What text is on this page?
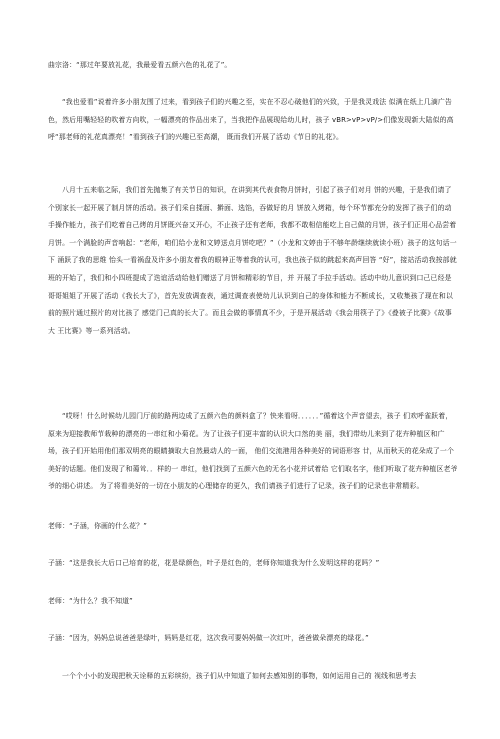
曲宗洛：“那过年要放礼花，我最爱看五颜六色的礼花了”。

“我也爱看”说着许多小朋友围了过来，看到孩子们的兴趣之至，实在不忍心破他们的兴致，于是我灵戏法 似满在纸上几滴广告色，然后用嘴轻轻的吹着方向吹，一幅漂亮的作品出来了，当我把作品展现给幼儿时，孩子 vBR>vP>vP/>们像发现新大陆似的高呼“那老师的礼花真漂亮！”看到孩子们的兴趣已至高潮， 既而我们开展了活动《节日的礼花》。

八月十五来临之际，我们首先抛集了有关节日的知识，在讲到其代表食物月饼时，引起了孩子们对月 饼的兴趣，于是我们请了个别家长一起开展了制月饼的活动。孩子们采自揉面、擀面、选馅，吞做好的月 饼放入烤箱，每个环节都充分的发挥了孩子们的动手操作能力，孩子们吃着自己烤的月饼既兴奋又开心，不止孩子还有老师，我都不敢相信能吃上自己做的月饼，孩子们正用心品尝着月饼。一个满脸的声音响起：“老师，咱们给小龙和文婷送点月饼吃吧？”（小龙和文婷由于不够年龄继续就读小班）孩子的这句话一下 涌跃了我的思维 怡头一看祸盘及许多小朋友着我的眼神正等着我的认可，我也孩子似的跳起来高声回答 “好”，接站活动我按部就班的开始了，我们和小四班提成了迭谊活动给他们赠送了月饼和精彩的节目，并 开展了手拉手活动。活动中幼儿意识到口己已经是哥哥姐姐了开展了活动《我长大了》，首先发放调查表，通过调查表使幼儿认识到自己的身体和能力不断成长，又收集孩了现在和以前的照片通过照片的对比孩了 感觉门己真的长大了。而且会做的事情真不少，于是开展活动《我会用筷子了》《叠被子比赛》《故事大 王比赛》等一系列活动。

“哎呀！什么时候幼儿园门厅前的路两边成了五颜六色的颜料盒了？快来看呀．．．．．．”循着这个声音望去，孩子 们欢呼雀跃着，原来为迎接教师节栽种的漂亮的一串红和小菊花。为了让孩子们更丰富的认识大口然的美 丽，我们带幼儿来到了花卉种植区和广场，孩子们开始用他们那双明亮的眼睛摘取大自然最动人的一面， 他们交流港用各种美好的词语形容 廿，从而秋天的花朵成了一个美好的话题。他们发现了和蔼耸．．样的一 串红，他们找到了五颜六色的无名小花并试着给 它们取名字，他们听取了花卉种植区老爷爷的细心讲述。 为了将看美好的一切在小朋友的心理储存的更久，我们请孩子们进行了记录，孩子们的记录也非常精彩。

老师：“子涵，你画的什么花？”

子涵：“这是我长大后口己培育的花，花是绿颜色，叶子是红色的，老师你知道我为什么发明这样的花吗？”

老师：“为什么？我不知道”

子涵：“因为，妈妈总说爸爸是绿叶，妈妈是红花，这次我可要妈妈做一次红叶，爸爸做朵漂亮的绿花。”

一个个小小的发现把秋天诠释的五彩缤纷，孩子们从中知道了如何去感知别的事物，如何运用自己的 视线和思考去
